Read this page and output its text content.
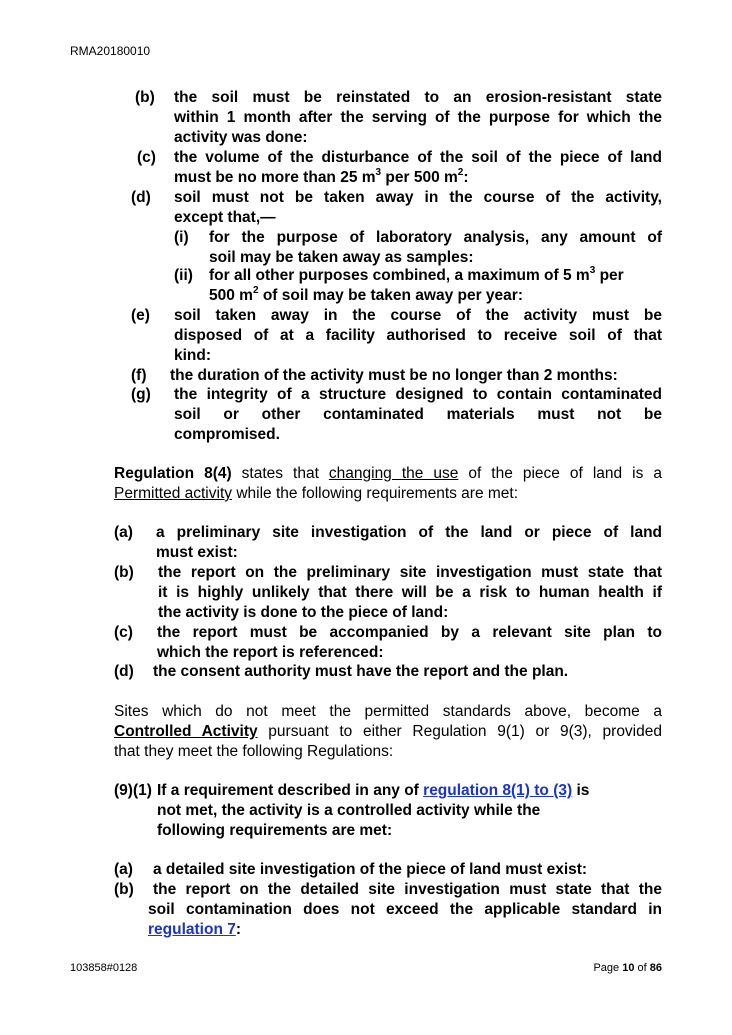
RMA20180010
(b) the soil must be reinstated to an erosion-resistant state
within 1 month after the serving of the purpose for which the
activity was done:
(c) the volume of the disturbance of the soil of the piece of land
must be no more than 25 $m^3$ per 500 $m^2$:
(d) soil must not be taken away in the course of the activity,
except that,—
(i) for the purpose of laboratory analysis, any amount of
soil may be taken away as samples:
(ii) for all other purposes combined, a maximum of 5 $m^3$ per
500 $m^2$ of soil may be taken away per year:
(e) soil taken away in the course of the activity must be
disposed of at a facility authorised to receive soil of that
kind:
(f) the duration of the activity must be no longer than 2 months:
(g) the integrity of a structure designed to contain contaminated
soil or other contaminated materials must not be
compromised.
Regulation 8(4) states that changing the use of the piece of land is a
Permitted activity while the following requirements are met:
(a) a preliminary site investigation of the land or piece of land
must exist:
(b) the report on the preliminary site investigation must state that
it is highly unlikely that there will be a risk to human health if
the activity is done to the piece of land:
(c) the report must be accompanied by a relevant site plan to
which the report is referenced:
(d) the consent authority must have the report and the plan.
Sites which do not meet the permitted standards above, become a
Controlled Activity pursuant to either Regulation 9(1) or 9(3), provided
that they meet the following Regulations:
(9)(1) If a requirement described in any of regulation 8(1) to (3) is
not met, the activity is a controlled activity while the
following requirements are met:
(a) a detailed site investigation of the piece of land must exist:
(b) the report on the detailed site investigation must state that the
soil contamination does not exceed the applicable standard in
regulation 7:
103858#0128	Page 10 of 86
